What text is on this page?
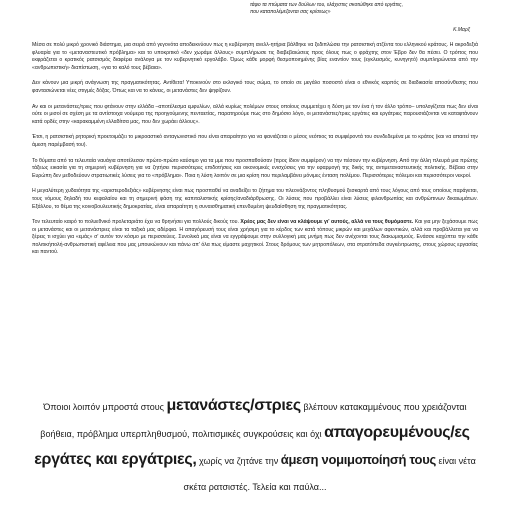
τάφο τα πτώματα των δούλων του, ελάχιστες σκοτώθηκε από εργάτες,
που καταπολέμεζονται σας κρίσεως»
Κ.Μαρξ

Μέσα σε πολύ μικρό χρονικό διάστημα, μια σειρά από γεγονότα αποδεικνύουν πως η κυβέρνηση ανελλ-ητήρια βάλθηκε να ξεδιπλώσει την ρατσιστική ατζέντα του ελληνικού κράτους. Η ακροδεξιά φλυαρία για το «μεταναστευτικό πρόβλημα» και το υποκριτικό «δεν χωράμε άλλους» συμπλήρωσε τις διαβεβαιώσεις προς όλους πως ο φράχτης στον Έβρο δεν θα πέσει. Ο τρόπος που εκφράζεται ο κρατικός ρατσισμός διαφέρει ανάλογα με τον κυβερνητικό εργολάβο. Όμως κάθε μορφή θεσμοποιημένης βίας εναντίον τους (εγκλεισμός, κυνηγητό) συμπληρώνεται από την «ανθρωπιστική» διαπίστωση, «για το καλό τους βέβαια».

Δεν κάνουν μια μικρή ανάγνωση της πραγματικότητας. Αντίθετα! Υποκινούν στο εκλογικό τους σώμα, το οποίο σε μεγάλο ποσοστό είναι ο εθνικός καρπός σε διαδικασία αποσύνθεσης που φαντασιώνεται νέες στιγμές δόξας. Όπως και να το κάνεις, οι μετανάστες δεν ψηφίζουν.

Αν και οι μετανάστες/τριες που φτάνουν στην ελλάδα –αποτέλεσμα εμφυλίων, αλλά κυρίως πολέμων στους οποίους συμμετέχει η δύση με τον ένα ή τον άλλο τρόπο– υπολογίζεται πως δεν είναι ούτε οι μισοί σε σχέση με τα αντίστοιχα νούμερα της προηγούμενης πενταετίας, παρατηρούμε πως στο δημόσιο λόγο, οι μετανάστες/τριες εργάτες και εργάτριες παρουσιάζονται να καταφτάνουν κατά ορδές στην «καρακαμμένη ελλαδίτσα μας, που δεν χωράει άλλους».

Έτσι, η ρατσιστική ρητορική προετοιμάζει το μικροαστικό ανταγωνιστικό που είναι απαραίτητο για να φανιάζεται ο μέσος νεόπιος τα συμφέροντά του συνδεδεμένα με το κράτος (και να απαιτεί την άμεση παρέμβασή του).

Το θύματα από τα τελευταία ναυάγια αποτέλεσαν πρώτο-πρώτο καύσιμο για τα μμε που προσπαθούσαν (προς ίδιον συμφέρον) να την πέσουν την κυβέρνηση. Από την άλλη πλευρά μια πρώτης τάξεως εικασία για τη σημερινή κυβέρνηση για να ζητήσει περισσότερες επιδοτήσεις και οικονομικές ενισχύσεις για την εφαρμογή της δικής της αντιμεταναστευτικής πολιτικής. Βέβαια στην Ευρώπη δεν μεθοδεύουν στρατιωτικές λύσεις για το «πρόβλημα». Ποια η λύση λοιπόν σε μια κρίση που περιλαμβάνει μόνιμες ένταση πολέμου. Περισσότερες πόλεμοι και περισσότεροι νεκροί.

Η μεγαλύτερη χυδαιότητα της «αριστεροδεξιάς» κυβέρνησης είναι πως προσπαθεί να αναδείξει το ζήτημα του πλεονάζοντος πληθυσμού ξεσκαρτά από τους λόγους από τους οποίους παράγεται, τους νόμους δηλαδή του κεφαλαίου και τη σημερινή φάση της καπιταλιστικής κρίσης/αναδιάρθρωσης. Οι λύσεις που προβάλλει είναι λύσεις φιλανθρωπίας και ανθρώπινων δικαιωμάτων. Εξάλλου, το θέμα της κοινοβουλευτικής δημοκρατίας, είναι απαραίτητη η συναισθηματική επενδυμένη ψευδαίσθηση της πραγματικότητας.

Τον τελευταίο καιρό το πολυεθνικό προλεταριάτο έχει να θρηνήσει για πολλούς δικούς του. Χρέος μας δεν είναι να κλάψουμε γι' αυτούς, αλλά να τους θυμόμαστε. Και για μην ξεχάσουμε πως οι μετανάστες και οι μετανάστριες είναι τα ταξικά μας αδέρφια. Η απαγόρευσή τους είναι χρήσιμη για το κέρδος των κατά τόπους μικρών και μεγάλων αφεντικών, αλλά και προβάλλεται για να ξέρεις τι ισχύει για «εμάς» σ' αυτόν τον κόσμο με περισσεύεις. Συνολικά μας είναι να εγγράψουμε στην συλλογική μας μνήμη πως δεν ανέχονται τους διακωμισμούς. Ενάσσε καχύπτει την κάθε πολιτικήπολή-ανθρωπιστική αφέλεια που μας μπουκώνουν και πάνω απ' όλα πως είμαστε μαχητικοί. Στους δρόμους των μητροπόλεων, στα στρατόπεδα συγκέντρωσης, στους χώρους εργασίας και παντού.

Όποιοι λοιπόν μπροστά στους μετανάστες/στριες βλέπουν κατακαμμένους που χρειάζονται βοήθεια, πρόβλημα υπερπληθυσμού, πολιτισμικές συγκρούσεις και όχι απαγορευμένους/ες εργάτες και εργάτριες, χωρίς να ζητάνε την άμεση νομιμοποίησή τους είναι νέτα σκέτα ρατσιστές. Τελεία και παύλα...
